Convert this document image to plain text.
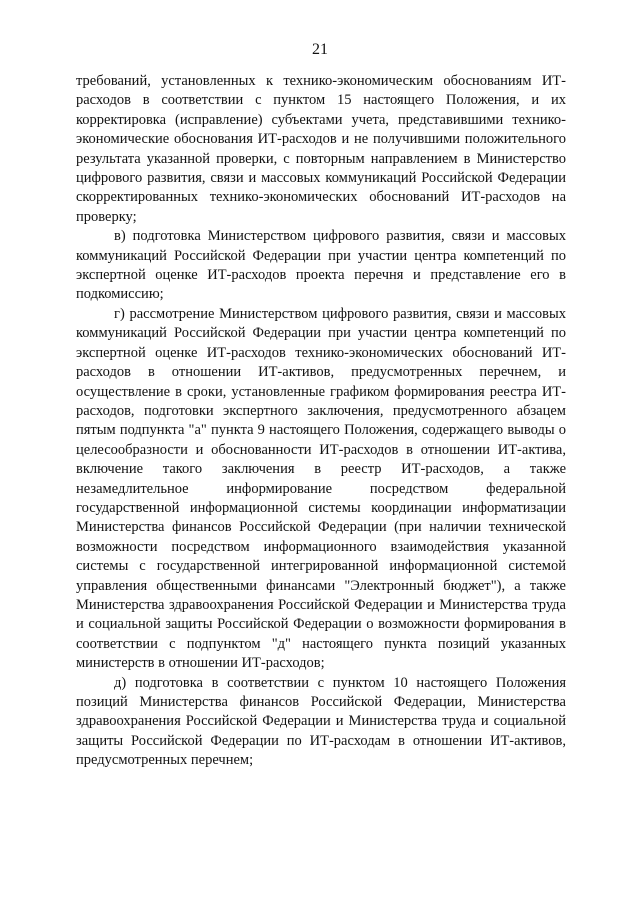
21

требований, установленных к технико-экономическим обоснованиям ИТ-расходов в соответствии с пунктом 15 настоящего Положения, и их корректировка (исправление) субъектами учета, представившими технико-экономические обоснования ИТ-расходов и не получившими положительного результата указанной проверки, с повторным направлением в Министерство цифрового развития, связи и массовых коммуникаций Российской Федерации скорректированных технико-экономических обоснований ИТ-расходов на проверку;

в) подготовка Министерством цифрового развития, связи и массовых коммуникаций Российской Федерации при участии центра компетенций по экспертной оценке ИТ-расходов проекта перечня и представление его в подкомиссию;

г) рассмотрение Министерством цифрового развития, связи и массовых коммуникаций Российской Федерации при участии центра компетенций по экспертной оценке ИТ-расходов технико-экономических обоснований ИТ-расходов в отношении ИТ-активов, предусмотренных перечнем, и осуществление в сроки, установленные графиком формирования реестра ИТ-расходов, подготовки экспертного заключения, предусмотренного абзацем пятым подпункта "а" пункта 9 настоящего Положения, содержащего выводы о целесообразности и обоснованности ИТ-расходов в отношении ИТ-актива, включение такого заключения в реестр ИТ-расходов, а также незамедлительное информирование посредством федеральной государственной информационной системы координации информатизации Министерства финансов Российской Федерации (при наличии технической возможности посредством информационного взаимодействия указанной системы с государственной интегрированной информационной системой управления общественными финансами "Электронный бюджет"), а также Министерства здравоохранения Российской Федерации и Министерства труда и социальной защиты Российской Федерации о возможности формирования в соответствии с подпунктом "д" настоящего пункта позиций указанных министерств в отношении ИТ-расходов;

д) подготовка в соответствии с пунктом 10 настоящего Положения позиций Министерства финансов Российской Федерации, Министерства здравоохранения Российской Федерации и Министерства труда и социальной защиты Российской Федерации по ИТ-расходам в отношении ИТ-активов, предусмотренных перечнем;
